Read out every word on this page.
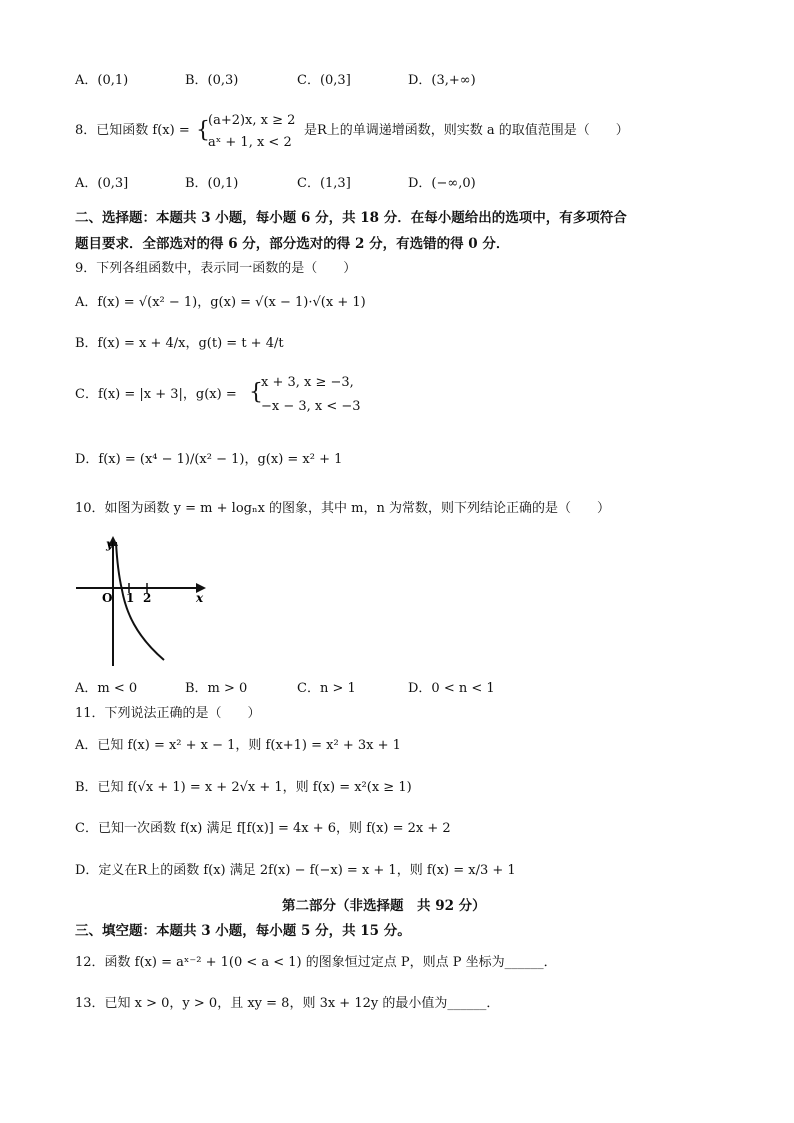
A．(0,1)	B．(0,3)	C．(0,3]	D．(3,+∞)
8．已知函数 f(x) = {
(a+2)x, x ≥ 2
aˣ + 1, x < 2
是R上的单调递增函数，则实数 a 的取值范围是（　　）
A．(0,3]	B．(0,1)	C．(1,3]	D．(−∞,0)
二、选择题：本题共 3 小题，每小题 6 分，共 18 分．在每小题给出的选项中，有多项符合
题目要求．全部选对的得 6 分，部分选对的得 2 分，有选错的得 0 分．
9．下列各组函数中，表示同一函数的是（　　）
A．f(x) = √(x² − 1)，g(x) = √(x − 1)·√(x + 1)
B．f(x) = x + 4/x，g(t) = t + 4/t
C．f(x) = |x + 3|，g(x) = {
x + 3, x ≥ −3,
−x − 3, x < −3
D．f(x) = (x⁴ − 1)/(x² − 1)，g(x) = x² + 1
10．如图为函数 y = m + logₙx 的图象，其中 m，n 为常数，则下列结论正确的是（　　）
y
O 1 2	x
A．m < 0	B．m > 0	C．n > 1	D．0 < n < 1
11．下列说法正确的是（　　）
A．已知 f(x) = x² + x − 1，则 f(x+1) = x² + 3x + 1
B．已知 f(√x + 1) = x + 2√x + 1，则 f(x) = x²(x ≥ 1)
C．已知一次函数 f(x) 满足 f[f(x)] = 4x + 6，则 f(x) = 2x + 2
D．定义在R上的函数 f(x) 满足 2f(x) − f(−x) = x + 1，则 f(x) = x/3 + 1
第二部分（非选择题　共 92 分）
三、填空题：本题共 3 小题，每小题 5 分，共 15 分。
12．函数 f(x) = aˣ⁻² + 1(0 < a < 1) 的图象恒过定点 P，则点 P 坐标为______．
13．已知 x > 0，y > 0，且 xy = 8，则 3x + 12y 的最小值为______．
